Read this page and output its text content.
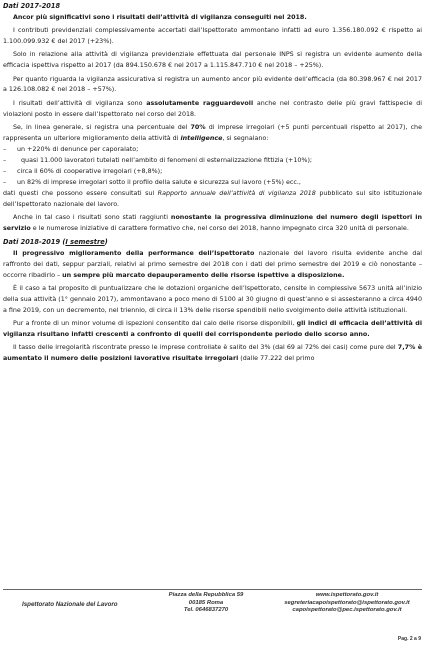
Dati 2017-2018

Ancor più significativi sono i risultati dell’attività di vigilanza conseguiti nel 2018.

I contributi previdenziali complessivamente accertati dall’Ispettorato ammontano infatti ad euro 1.356.180.092 € rispetto ai 1.100.099.932 € del 2017 (+23%).

Solo in relazione alla attività di vigilanza previdenziale effettuata dal personale INPS si registra un evidente aumento della efficacia ispettiva rispetto al 2017 (da 894.150.678 € nel 2017 a 1.115.847.710 € nel 2018 – +25%).

Per quanto riguarda la vigilanza assicurativa si registra un aumento ancor più evidente dell’efficacia (da 80.398.967 € nel 2017 a 126.108.082 € nel 2018 – +57%).

I risultati dell’attività di vigilanza sono assolutamente ragguardevoli anche nel contrasto delle più gravi fattispecie di violazioni posto in essere dall’Ispettorato nel corso del 2018.

Se, in linea generale, si registra una percentuale del 70% di imprese irregolari (+5 punti percentuali rispetto al 2017), che rappresenta un ulteriore miglioramento della attività di intelligence, si segnalano:

–	un +220% di denunce per caporalato;
–	quasi 11.000 lavoratori tutelati nell’ambito di fenomeni di esternalizzazione fittizia (+10%);
–	circa il 60% di cooperative irregolari (+8,8%);
–	un 82% di imprese irregolari sotto il profilo della salute e sicurezza sul lavoro (+5%) ecc.,

dati questi che possono essere consultati sul Rapporto annuale dell’attività di vigilanza 2018 pubblicato sul sito istituzionale dell’Ispettorato nazionale del lavoro.

Anche in tal caso i risultati sono stati raggiunti nonostante la progressiva diminuzione del numero degli ispettori in servizio e le numerose iniziative di carattere formativo che, nel corso del 2018, hanno impegnato circa 320 unità di personale.

Dati 2018-2019 (I semestre)

Il progressivo miglioramento della performance dell’Ispettorato nazionale del lavoro risulta evidente anche dal raffronto dei dati, seppur parziali, relativi al primo semestre del 2018 con i dati del primo semestre del 2019 e ciò nonostante – occorre ribadirlo – un sempre più marcato depauperamento delle risorse ispettive a disposizione.

È il caso a tal proposito di puntualizzare che le dotazioni organiche dell’Ispettorato, censite in complessive 5673 unità all’inizio della sua attività (1° gennaio 2017), ammontavano a poco meno di 5100 al 30 giugno di quest’anno e si assesteranno a circa 4940 a fine 2019, con un decremento, nel triennio, di circa il 13% delle risorse spendibili nello svolgimento delle attività istituzionali.

Pur a fronte di un minor volume di ispezioni consentito dal calo delle risorse disponibili, gli indici di efficacia dell’attività di vigilanza risultano infatti crescenti a confronto di quelli del corrispondente periodo dello scorso anno.

Il tasso delle irregolarità riscontrate presso le imprese controllate è salito del 3% (dal 69 al 72% dei casi) come pure del 7,7% è aumentato il numero delle posizioni lavorative risultate irregolari (dalle 77.222 del primo

Ispettorato Nazionale del Lavoro
Piazza della Repubblica 59
00185 Roma
Tel. 0646837270
www.ispettorato.gov.it
segreteriacapoispettorato@ispettorato.gov.it
capoispettorato@pec.ispettorato.gov.it
Pag. 2 a 9
